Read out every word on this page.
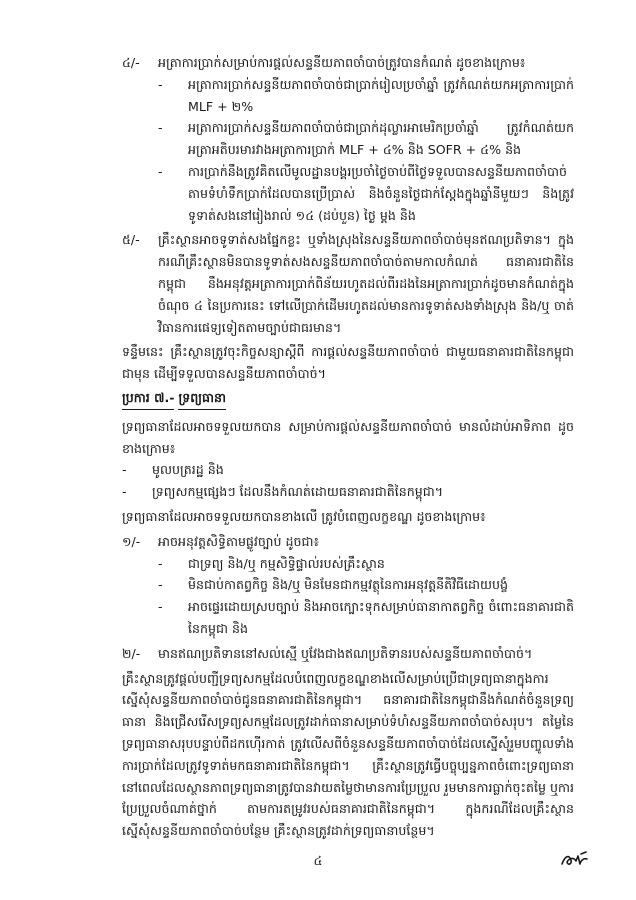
៤/-	អត្រាការប្រាក់សម្រាប់ការផ្តល់សន្ទនីយភាពចាំបាច់ត្រូវបានកំណត់ ដូចខាងក្រោម៖

-	អត្រាការប្រាក់សន្ទនីយភាពចាំបាច់ជាប្រាក់រៀលប្រចាំឆ្នាំ ត្រូវកំណត់យកអត្រាការប្រាក់ MLF + ២%

-	អត្រាការប្រាក់សន្ទនីយភាពចាំបាច់ជាប្រាក់ដុល្លារអាមេរិកប្រចាំឆ្នាំ ត្រូវកំណត់យកអត្រាអតិបរមារវាងអត្រាការប្រាក់ MLF + ៤% និង SOFR + ៤% និង

-	ការប្រាក់នឹងត្រូវគិតលើមូលដ្ឋានបង្គរប្រចាំថ្ងៃចាប់ពីថ្ងៃទទួលបានសន្ទនីយភាពចាំបាច់ តាមទំហំទឹកប្រាក់ដែលបានប្រើប្រាស់ និងចំនួនថ្ងៃជាក់ស្តែងក្នុងឆ្នាំនីមួយៗ និងត្រូវទូទាត់សងនៅរៀងរាល់ ១៤ (ដប់បួន) ថ្ងៃ ម្តង និង

៥/-	គ្រឹះស្ថានអាចទូទាត់សងផ្នែកខ្លះ ឬទាំងស្រុងនៃសន្ទនីយភាពចាំបាច់មុនឥណប្រតិទាន។ ក្នុងករណីគ្រឹះស្ថានមិនបានទូទាត់សងសន្ទនីយភាពចាំបាច់តាមកាលកំណត់ ធនាគារជាតិនៃកម្ពុជា នឹងអនុវត្តអត្រាការប្រាក់ពិន័យរហូតដល់ពីរដងនៃអត្រាការប្រាក់ដូចមានកំណត់ក្នុងចំណុច ៤ នៃប្រការនេះ ទៅលើប្រាក់ដើមរហូតដល់មានការទូទាត់សងទាំងស្រុង និង/ឬ ចាត់វិធានការផេទ្យទៀតតាមច្បាប់ជាធរមាន។

ទន្ទឹមនេះ គ្រឹះស្ថានត្រូវចុះកិច្ចសន្យាស្តីពី ការផ្តល់សន្ទនីយភាពចាំបាច់ ជាមួយធនាគារជាតិនៃកម្ពុជាជាមុន ដើម្បីទទួលបានសន្ទនីយភាពចាំបាច់។

ប្រការ ៧.- ទ្រព្យធានា

ទ្រព្យធានាដែលអាចទទួលយកបាន សម្រាប់ការផ្តល់សន្ទនីយភាពចាំបាច់ មានលំដាប់អាទិភាព ដូចខាងក្រោម៖

-	មូលបត្ររដ្ឋ និង

-	ទ្រព្យសកម្មផ្សេងៗ ដែលនឹងកំណត់ដោយធនាគារជាតិនៃកម្ពុជា។

ទ្រព្យធានាដែលអាចទទួលយកបានខាងលើ ត្រូវបំពេញលក្ខខណ្ឌ ដូចខាងក្រោម៖

១/-	អាចអនុវត្តសិទ្ធិតាមផ្លូវច្បាប់ ដូចជា៖

-	ជាទ្រព្យ និង/ឬ កម្មសិទ្ធិផ្ទាល់របស់គ្រឹះស្ថាន

-	មិនជាប់កាតព្វកិច្ច និង/ឬ មិនមែនជាកម្មវត្ថុនៃការអនុវត្តនីតិវិធីដោយបង្ខំ

-	អាចផ្ទេរដោយស្របច្បាប់ និងអាចក្បោះទុកសម្រាប់ធានាកាតព្វកិច្ច ចំពោះធនាគារជាតិនៃកម្ពុជា និង

២/-	មានឥណប្រតិទាននៅសល់ស្មើ ឬវែងជាងឥណប្រតិទានរបស់សន្ទនីយភាពចាំបាច់។

គ្រឹះស្ថានត្រូវផ្តល់បញ្ជីទ្រព្យសកម្មដែលបំពេញលក្ខខណ្ឌខាងលើសម្រាប់ប្រើជាទ្រព្យធានាក្នុងការស្នើសុំសន្ទនីយភាពចាំបាច់ជូនធនាគារជាតិនៃកម្ពុជា។ ធនាគារជាតិនៃកម្ពុជានឹងកំណត់ចំនួនទ្រព្យធានា និងជ្រើសរើសទ្រព្យសកម្មដែលត្រូវដាក់ធានាសម្រាប់ទំហំសន្ទនីយភាពចាំបាច់សរុប។ តម្លៃនៃទ្រព្យធានាសរុបបន្ទាប់ពីដកហ៊ើរកាត់ ត្រូវលើសពីចំនួនសន្ទនីយភាពចាំបាច់ដែលស្នើសុំរួមបញ្ចូលទាំងការប្រាក់ដែលត្រូវទូទាត់មកធនាគារជាតិនៃកម្ពុជា។ គ្រឹះស្ថានត្រូវធ្វើបច្ចុប្បន្នភាពចំពោះទ្រព្យធានា នៅពេលដែលស្ថានភាពទ្រព្យធានាត្រូវបានវាយតម្លៃថាមានការប្រែប្រួល រួមមានការធ្លាក់ចុះតម្លៃ ឬការប្រែប្រួលចំណាត់ថ្នាក់ តាមការតម្រូវរបស់ធនាគារជាតិនៃកម្ពុជា។ ក្នុងករណីដែលគ្រឹះស្ថានស្នើសុំសន្ទនីយភាពចាំបាច់បន្ថែម គ្រឹះស្ថានត្រូវដាក់ទ្រព្យធានាបន្ថែម។

៤
